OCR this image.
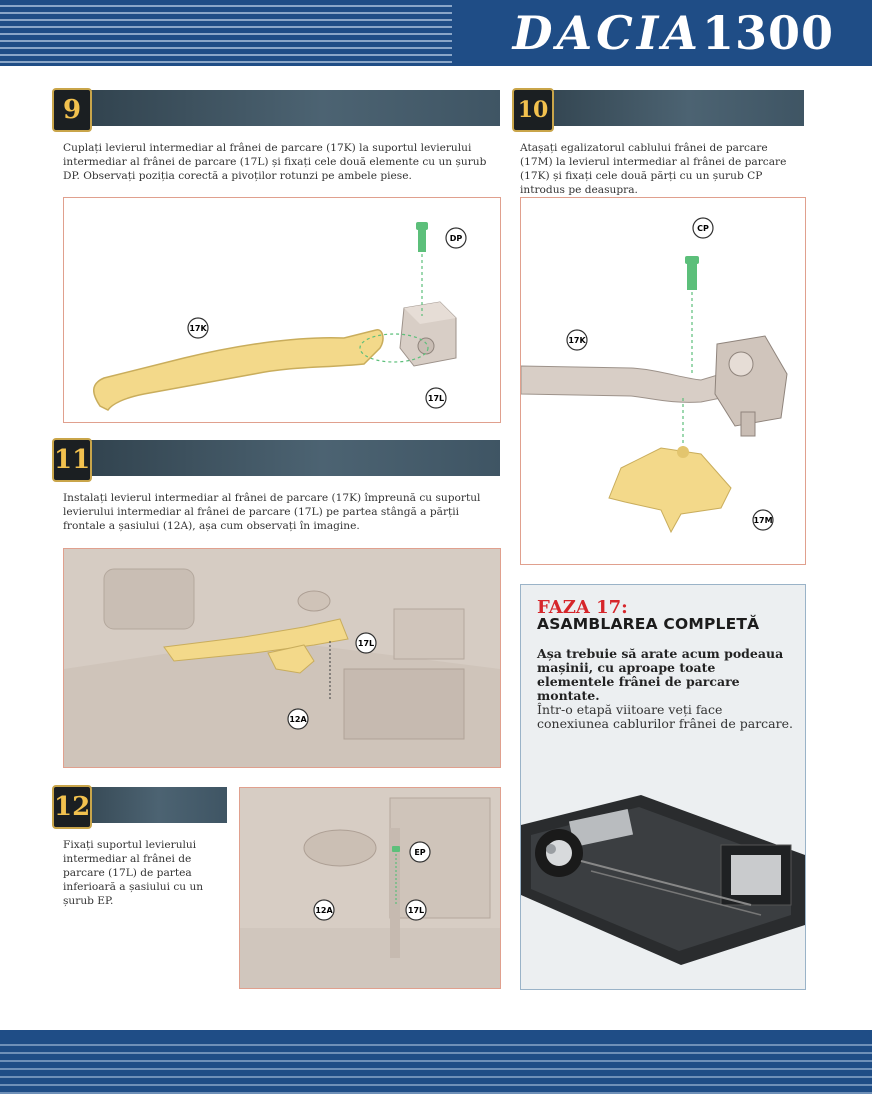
DACIA1300
9
Cuplați levierul intermediar al frânei de parcare (17K) la suportul levierului intermediar al frânei de parcare (17L) și fixați cele două elemente cu un șurub DP. Observați poziția corectă a pivoților rotunzi pe ambele piese.
17K
DP
17L
10
Atașați egalizatorul cablului frânei de parcare (17M) la levierul intermediar al frânei de parcare (17K) și fixați cele două părți cu un șurub CP introdus pe deasupra.
CP
17K
17M
11
Instalați levierul intermediar al frânei de parcare (17K) împreună cu suportul levierului intermediar al frânei de parcare (17L) pe partea stângă a părții frontale a șasiului (12A), așa cum observați în imagine.
17L
12A
12
Fixați suportul levierului intermediar al frânei de parcare (17L) de partea inferioară a șasiului cu un șurub EP.
EP
12A	17L
FAZA 17:
ASAMBLAREA COMPLETĂ
Așa trebuie să arate acum podeaua mașinii, cu aproape toate elementele frânei de parcare montate.
Într-o etapă viitoare veți face conexiunea cablurilor frânei de parcare.
